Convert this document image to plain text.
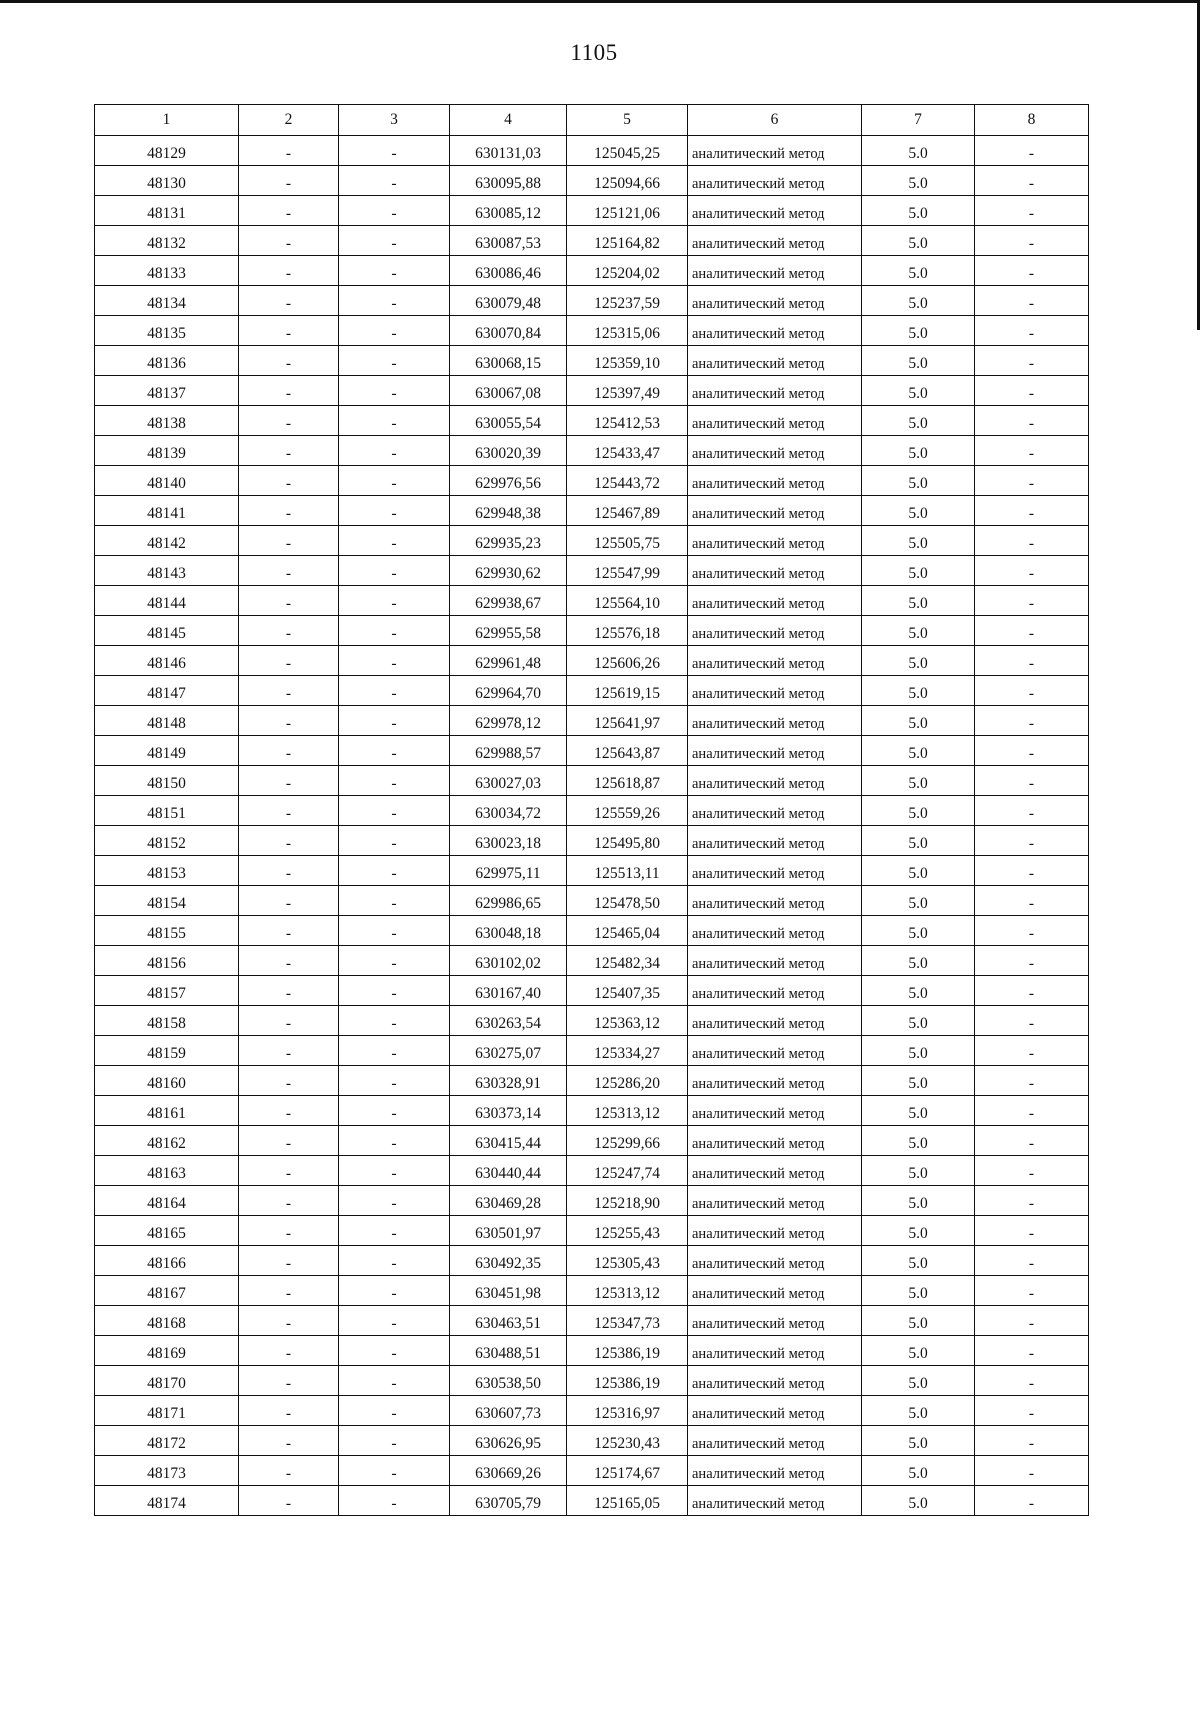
1105
1	2	3	4	5	6	7	8
48129	-	-	630131,03	125045,25	аналитический метод	5.0	-
48130	-	-	630095,88	125094,66	аналитический метод	5.0	-
48131	-	-	630085,12	125121,06	аналитический метод	5.0	-
48132	-	-	630087,53	125164,82	аналитический метод	5.0	-
48133	-	-	630086,46	125204,02	аналитический метод	5.0	-
48134	-	-	630079,48	125237,59	аналитический метод	5.0	-
48135	-	-	630070,84	125315,06	аналитический метод	5.0	-
48136	-	-	630068,15	125359,10	аналитический метод	5.0	-
48137	-	-	630067,08	125397,49	аналитический метод	5.0	-
48138	-	-	630055,54	125412,53	аналитический метод	5.0	-
48139	-	-	630020,39	125433,47	аналитический метод	5.0	-
48140	-	-	629976,56	125443,72	аналитический метод	5.0	-
48141	-	-	629948,38	125467,89	аналитический метод	5.0	-
48142	-	-	629935,23	125505,75	аналитический метод	5.0	-
48143	-	-	629930,62	125547,99	аналитический метод	5.0	-
48144	-	-	629938,67	125564,10	аналитический метод	5.0	-
48145	-	-	629955,58	125576,18	аналитический метод	5.0	-
48146	-	-	629961,48	125606,26	аналитический метод	5.0	-
48147	-	-	629964,70	125619,15	аналитический метод	5.0	-
48148	-	-	629978,12	125641,97	аналитический метод	5.0	-
48149	-	-	629988,57	125643,87	аналитический метод	5.0	-
48150	-	-	630027,03	125618,87	аналитический метод	5.0	-
48151	-	-	630034,72	125559,26	аналитический метод	5.0	-
48152	-	-	630023,18	125495,80	аналитический метод	5.0	-
48153	-	-	629975,11	125513,11	аналитический метод	5.0	-
48154	-	-	629986,65	125478,50	аналитический метод	5.0	-
48155	-	-	630048,18	125465,04	аналитический метод	5.0	-
48156	-	-	630102,02	125482,34	аналитический метод	5.0	-
48157	-	-	630167,40	125407,35	аналитический метод	5.0	-
48158	-	-	630263,54	125363,12	аналитический метод	5.0	-
48159	-	-	630275,07	125334,27	аналитический метод	5.0	-
48160	-	-	630328,91	125286,20	аналитический метод	5.0	-
48161	-	-	630373,14	125313,12	аналитический метод	5.0	-
48162	-	-	630415,44	125299,66	аналитический метод	5.0	-
48163	-	-	630440,44	125247,74	аналитический метод	5.0	-
48164	-	-	630469,28	125218,90	аналитический метод	5.0	-
48165	-	-	630501,97	125255,43	аналитический метод	5.0	-
48166	-	-	630492,35	125305,43	аналитический метод	5.0	-
48167	-	-	630451,98	125313,12	аналитический метод	5.0	-
48168	-	-	630463,51	125347,73	аналитический метод	5.0	-
48169	-	-	630488,51	125386,19	аналитический метод	5.0	-
48170	-	-	630538,50	125386,19	аналитический метод	5.0	-
48171	-	-	630607,73	125316,97	аналитический метод	5.0	-
48172	-	-	630626,95	125230,43	аналитический метод	5.0	-
48173	-	-	630669,26	125174,67	аналитический метод	5.0	-
48174	-	-	630705,79	125165,05	аналитический метод	5.0	-
